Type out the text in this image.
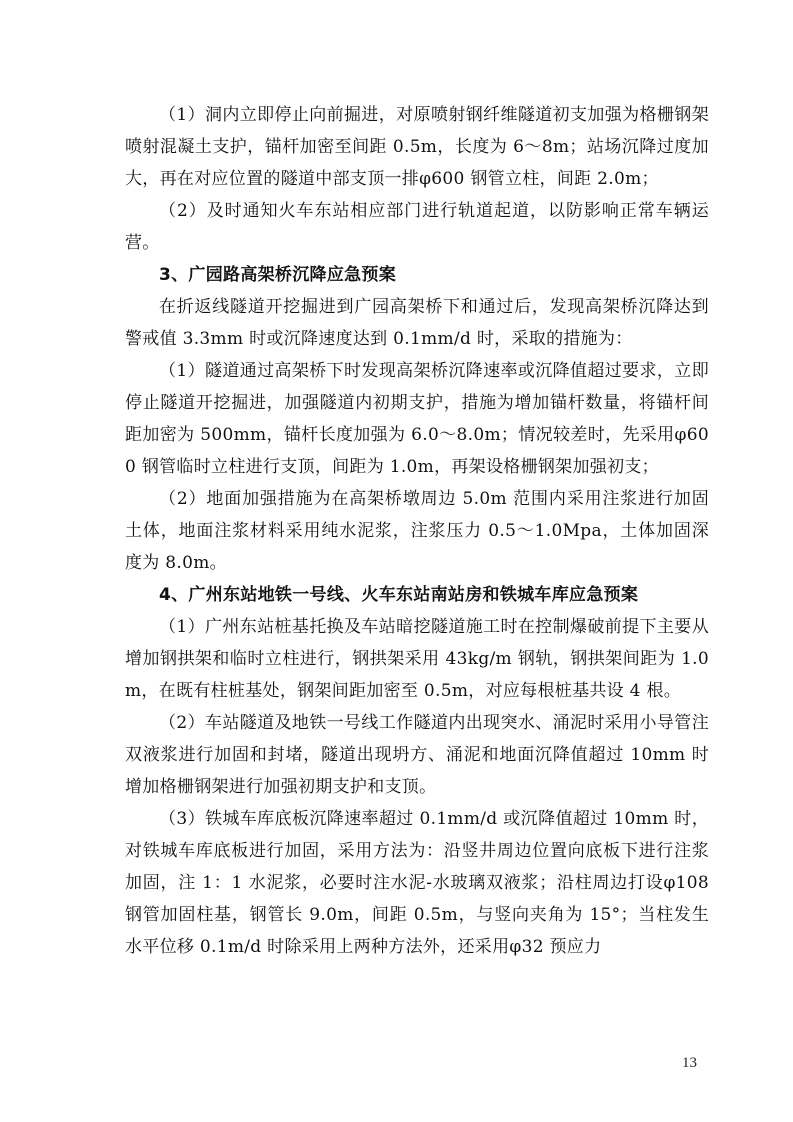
（1）洞内立即停止向前掘进，对原喷射钢纤维隧道初支加强为格栅钢架喷射混凝土支护，锚杆加密至间距 0.5m，长度为 6～8m；站场沉降过度加大，再在对应位置的隧道中部支顶一排φ600 钢管立柱，间距 2.0m；

（2）及时通知火车东站相应部门进行轨道起道，以防影响正常车辆运营。

3、广园路高架桥沉降应急预案

在折返线隧道开挖掘进到广园高架桥下和通过后，发现高架桥沉降达到警戒值 3.3mm 时或沉降速度达到 0.1mm/d 时，采取的措施为：

（1）隧道通过高架桥下时发现高架桥沉降速率或沉降值超过要求，立即停止隧道开挖掘进，加强隧道内初期支护，措施为增加锚杆数量，将锚杆间距加密为 500mm，锚杆长度加强为 6.0～8.0m；情况较差时，先采用φ600 钢管临时立柱进行支顶，间距为 1.0m，再架设格栅钢架加强初支；

（2）地面加强措施为在高架桥墩周边 5.0m 范围内采用注浆进行加固土体，地面注浆材料采用纯水泥浆，注浆压力 0.5～1.0Mpa，土体加固深度为 8.0m。

4、广州东站地铁一号线、火车东站南站房和铁城车库应急预案

（1）广州东站桩基托换及车站暗挖隧道施工时在控制爆破前提下主要从增加钢拱架和临时立柱进行，钢拱架采用 43kg/m 钢轨，钢拱架间距为 1.0m，在既有柱桩基处，钢架间距加密至 0.5m，对应每根桩基共设 4 根。

（2）车站隧道及地铁一号线工作隧道内出现突水、涌泥时采用小导管注双液浆进行加固和封堵，隧道出现坍方、涌泥和地面沉降值超过 10mm 时增加格栅钢架进行加强初期支护和支顶。

（3）铁城车库底板沉降速率超过 0.1mm/d 或沉降值超过 10mm 时，对铁城车库底板进行加固，采用方法为：沿竖井周边位置向底板下进行注浆加固，注 1：1 水泥浆，必要时注水泥-水玻璃双液浆；沿柱周边打设φ108 钢管加固柱基，钢管长 9.0m，间距 0.5m，与竖向夹角为 15°；当柱发生水平位移 0.1m/d 时除采用上两种方法外，还采用φ32 预应力

13
